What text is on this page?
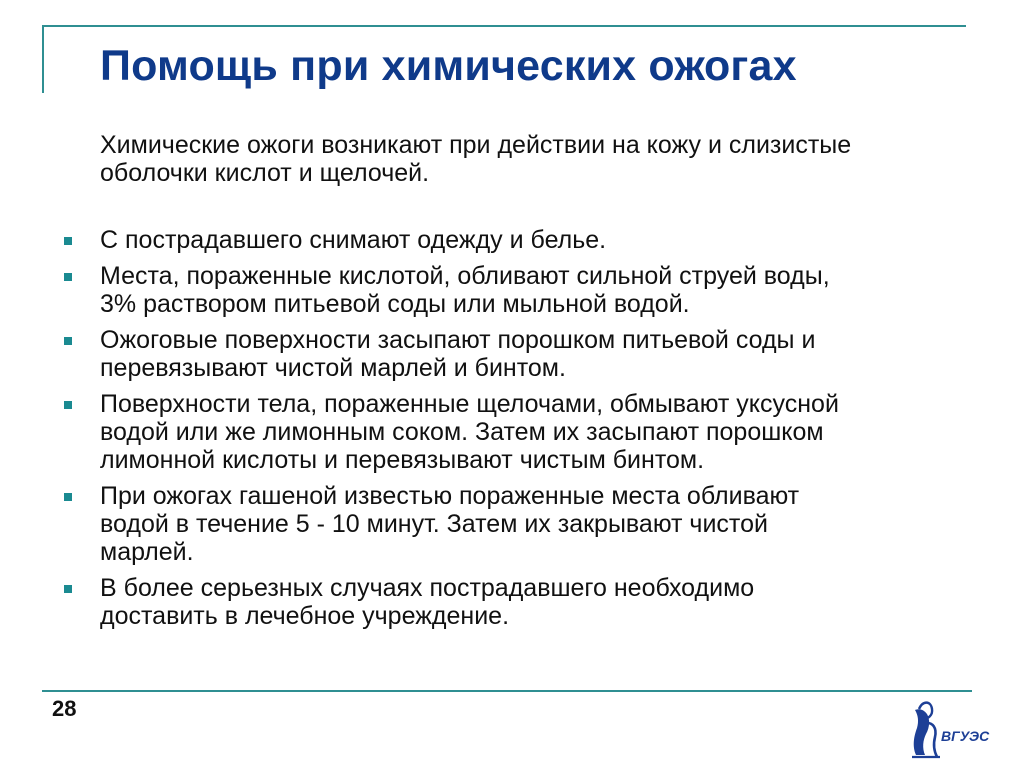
Помощь при химических ожогах
Химические ожоги возникают при действии на кожу и слизистые
оболочки кислот и щелочей.
С пострадавшего снимают одежду и белье.
Места, пораженные кислотой, обливают сильной струей воды,
3% раствором питьевой соды или мыльной водой.
Ожоговые поверхности засыпают порошком питьевой соды и
перевязывают чистой марлей и бинтом.
Поверхности тела, пораженные щелочами, обмывают уксусной
водой или же лимонным соком. Затем их засыпают порошком
лимонной кислоты и перевязывают чистым бинтом.
При ожогах гашеной известью пораженные места обливают
водой в течение 5 - 10 минут. Затем их закрывают чистой
марлей.
В более серьезных случаях пострадавшего необходимо
доставить в лечебное учреждение.
28
ВГУЭС
